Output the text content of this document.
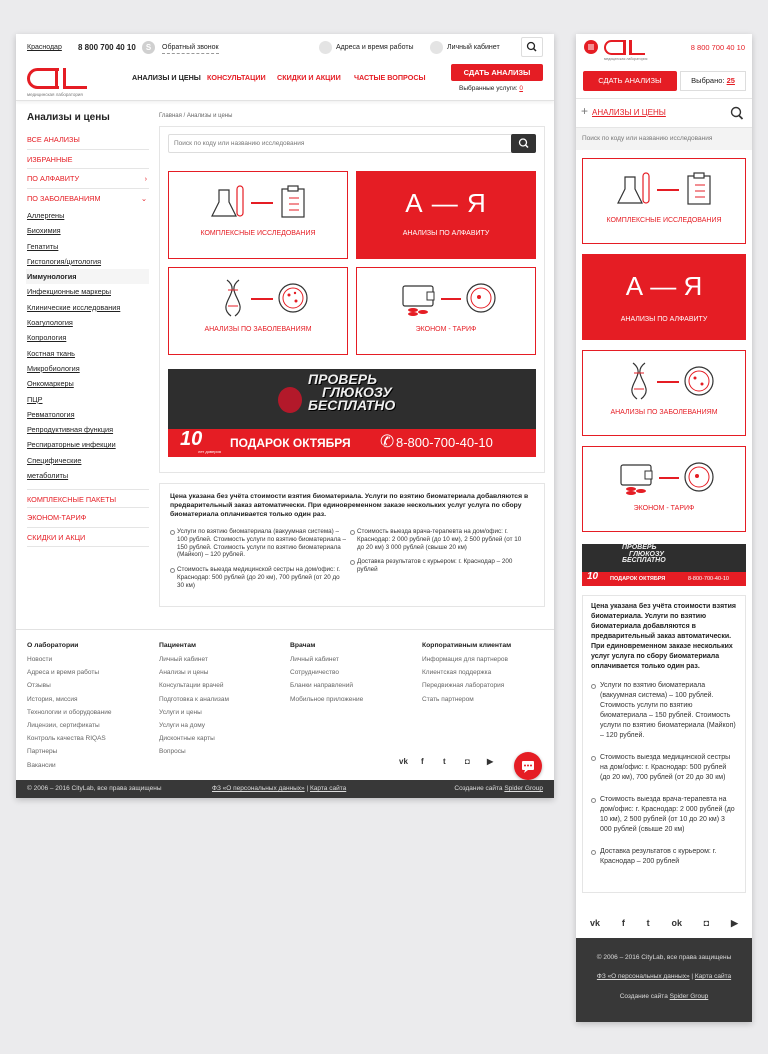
Краснодар 8 800 700 40 10	S	Обратный звонок	Адреса и время работы	Личный кабинет
медицинская лаборатория
АНАЛИЗЫ И ЦЕНЫ КОНСУЛЬТАЦИИ СКИДКИ И АКЦИИ ЧАСТЫЕ ВОПРОСЫ
СДАТЬ АНАЛИЗЫ
Выбранные услуги: 0
Анализы и цены
ВСЕ АНАЛИЗЫ
ИЗБРАННЫЕ
ПО АЛФАВИТУ	›
ПО ЗАБОЛЕВАНИЯМ	⌄
Аллергены
Биохимия
Гепатиты
Гистология/цитология
Иммунология
Инфекционные маркеры
Клинические исследования
Коагулология
Копрология
Костная ткань
Микробиология
Онкомаркеры
ПЦР
Ревматология
Репродуктивная функция
Респираторные инфекции
Специфические метаболиты
КОМПЛЕКСНЫЕ ПАКЕТЫ
ЭКОНОМ-ТАРИФ
СКИДКИ И АКЦИ
Главная / Анализы и цены
Поиск по коду или названию исследования
КОМПЛЕКСНЫЕ ИССЛЕДОВАНИЯ
А — Я
АНАЛИЗЫ ПО АЛФАВИТУ
АНАЛИЗЫ ПО ЗАБОЛЕВАНИЯМ	ЭКОНОМ - ТАРИФ
ПРОВЕРЬ
ГЛЮКОЗУ
БЕСПЛАТНО
10
лет доверия
ПОДАРОК ОКТЯБРЯ ✆ 8-800-700-40-10
Цена указана без учёта стоимости взятия биоматериала. Услуги по взятию биоматериала добавляются в предварительный заказ автоматически. При единовременном заказе нескольких услуг услуга по сбору биоматериала оплачивается только один раз.

Услуги по взятию биоматериала (вакуумная система) – 100 рублей. Стоимость услуги по взятию биоматериала – 150 рублей. Стоимость услуги по взятию биоматериала (Майкоп) – 120 рублей.

Стоимость выезда медицинской сестры на дом/офис: г. Краснодар: 500 рублей (до 20 км), 700 рублей (от 20 до 30 км)

Стоимость выезда врача-терапевта на дом/офис: г. Краснодар: 2 000 рублей (до 10 км), 2 500 рублей (от 10 до 20 км) 3 000 рублей (свыше 20 км)

Доставка результатов с курьером: г. Краснодар – 200 рублей

О лаборатории
Новости
Адреса и время работы
Отзывы
История, миссия
Технологии и оборудование
Лицензии, сертификаты
Контроль качества RIQAS
Партнеры
Вакансии
Пациентам
Личный кабинет
Анализы и цены
Консультации врачей
Подготовка к анализам
Услуги и цены
Услуги на дому
Дисконтные карты
Вопросы
Врачам
Личный кабинет
Сотрудничество
Бланки направлений
Мобильное приложение
Корпоративным клиентам
Информация для партнеров
Клиентская поддержка
Передвижная лаборатория
Стать партнером
vk	f	t	◘	▶
© 2006 – 2016 CityLab, все права защищены	ФЗ «О персональных данных» | Карта сайта	Создание сайта Spider Group
медицинская лаборатория
8 800 700 40 10
СДАТЬ АНАЛИЗЫ	Выбрано: 25
+ АНАЛИЗЫ И ЦЕНЫ
Поиск по коду или названию исследования
КОМПЛЕКСНЫЕ ИССЛЕДОВАНИЯ
А — Я
АНАЛИЗЫ ПО АЛФАВИТУ
АНАЛИЗЫ ПО ЗАБОЛЕВАНИЯМ
ЭКОНОМ - ТАРИФ
ПРОВЕРЬ
ГЛЮКОЗУ
БЕСПЛАТНО
10 ПОДАРОК ОКТЯБРЯ	8-800-700-40-10
Цена указана без учёта стоимости взятия биоматериала. Услуги по взятию биоматериала добавляются в предварительный заказ автоматически. При единовременном заказе нескольких услуг услуга по сбору биоматериала оплачивается только один раз.

Услуги по взятию биоматериала (вакуумная система) – 100 рублей. Стоимость услуги по взятию биоматериала – 150 рублей. Стоимость услуги по взятию биоматериала (Майкоп) – 120 рублей.

Стоимость выезда медицинской сестры на дом/офис: г. Краснодар: 500 рублей (до 20 км), 700 рублей (от 20 до 30 км)

Стоимость выезда врача-терапевта на дом/офис: г. Краснодар: 2 000 рублей (до 10 км), 2 500 рублей (от 10 до 20 км) 3 000 рублей (свыше 20 км)

Доставка результатов с курьером: г. Краснодар – 200 рублей

vk f t ok ◘ ▶
© 2006 – 2016 CityLab, все права защищены
ФЗ «О персональных данных» | Карта сайта
Создание сайта Spider Group
